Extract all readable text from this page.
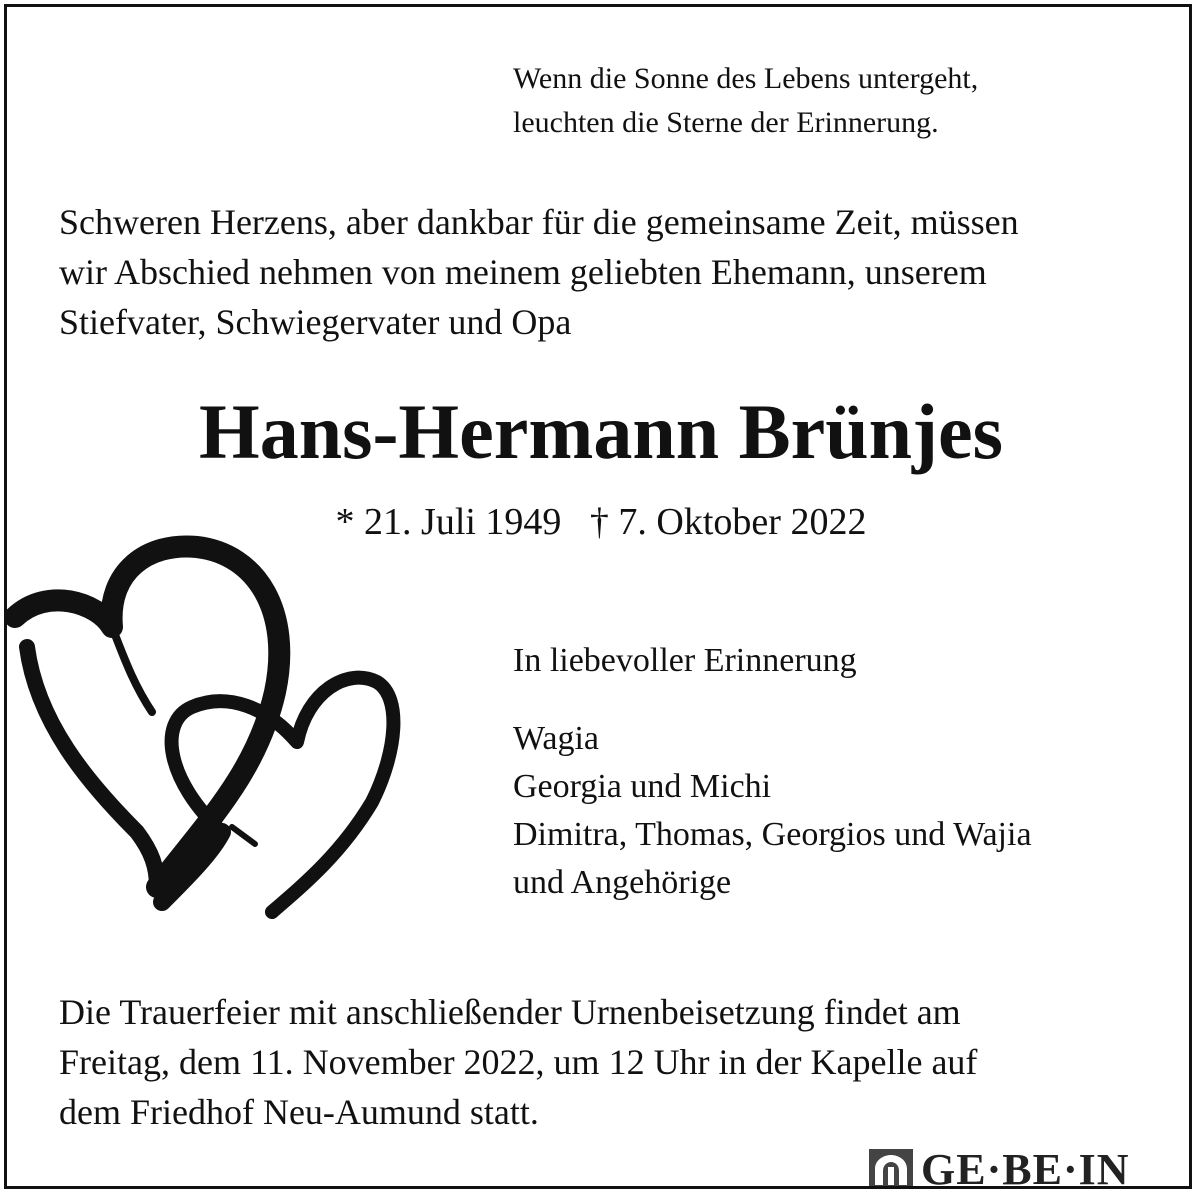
Wenn die Sonne des Lebens untergeht,
leuchten die Sterne der Erinnerung.
Schweren Herzens, aber dankbar für die gemeinsame Zeit, müssen
wir Abschied nehmen von meinem geliebten Ehemann, unserem
Stiefvater, Schwiegervater und Opa
Hans-Hermann Brünjes
* 21. Juli 1949   † 7. Oktober 2022
In liebevoller Erinnerung
Wagia
Georgia und Michi
Dimitra, Thomas, Georgios und Wajia
und Angehörige
Die Trauerfeier mit anschließender Urnenbeisetzung findet am
Freitag, dem 11. November 2022, um 12 Uhr in der Kapelle auf
dem Friedhof Neu-Aumund statt.
GE·BE·IN
